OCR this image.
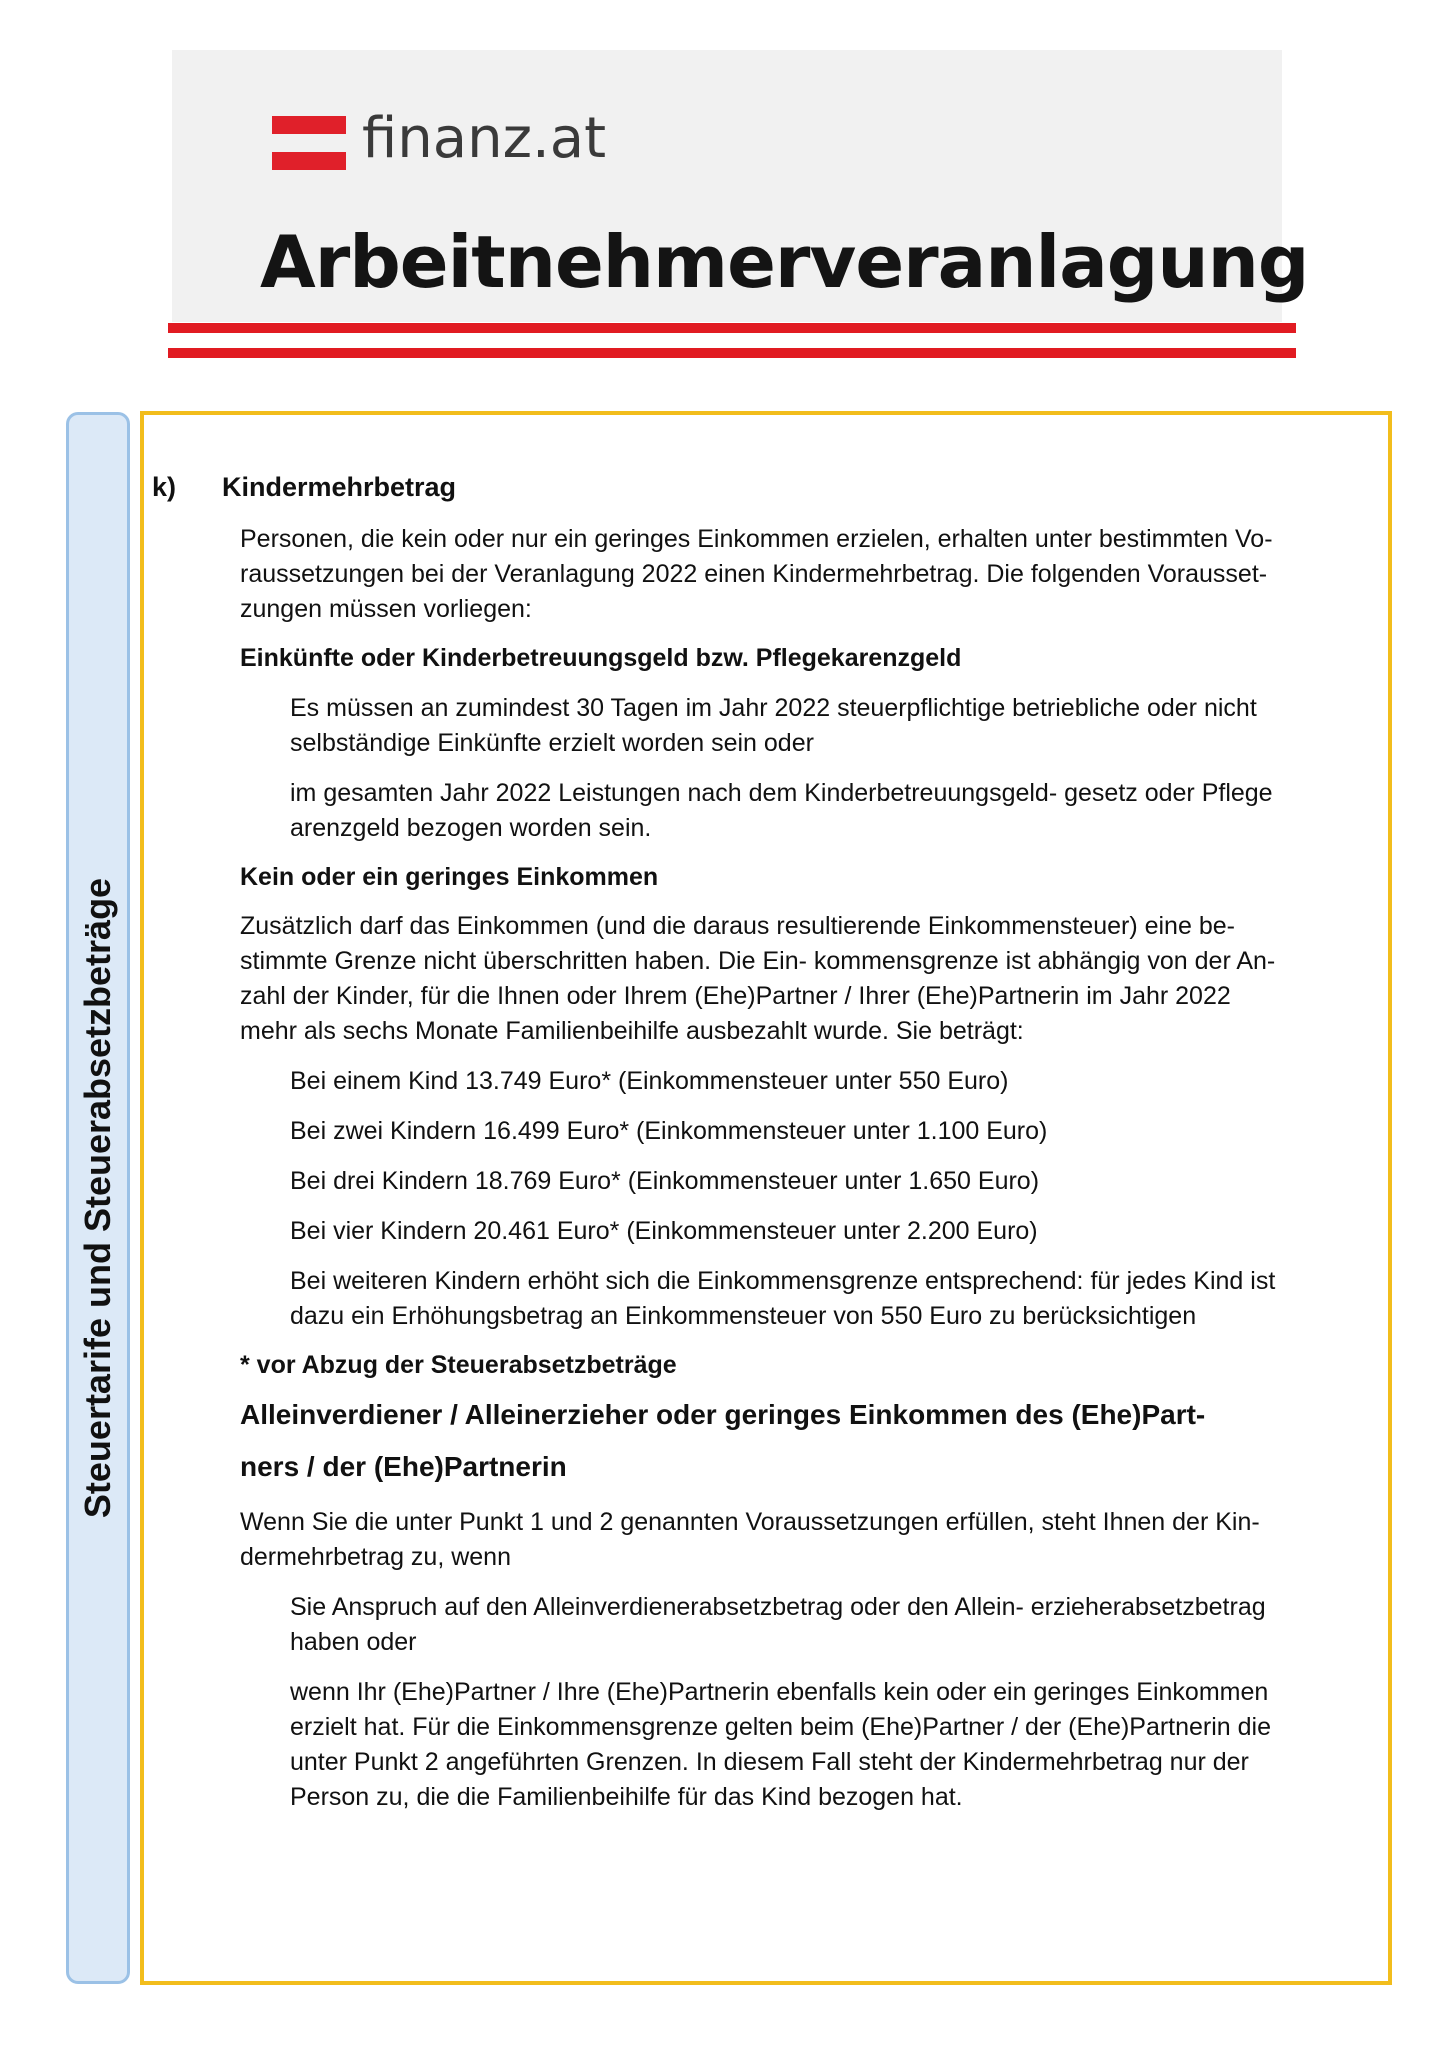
finanz.at
Arbeitnehmerveranlagung
Steuertarife und Steuerabsetzbeträge
k) Kindermehrbetrag
Personen, die kein oder nur ein geringes Einkommen erzielen, erhalten unter bestimmten Vo-
raussetzungen bei der Veranlagung 2022 einen Kindermehrbetrag. Die folgenden Vorausset-
zungen müssen vorliegen:
Einkünfte oder Kinderbetreuungsgeld bzw. Pflegekarenzgeld
Es müssen an zumindest 30 Tagen im Jahr 2022 steuerpflichtige betriebliche oder nicht
selbständige Einkünfte erzielt worden sein oder
im gesamten Jahr 2022 Leistungen nach dem Kinderbetreuungsgeld- gesetz oder Pflege
arenzgeld bezogen worden sein.
Kein oder ein geringes Einkommen
Zusätzlich darf das Einkommen (und die daraus resultierende Einkommensteuer) eine be-
stimmte Grenze nicht überschritten haben. Die Ein- kommensgrenze ist abhängig von der An-
zahl der Kinder, für die Ihnen oder Ihrem (Ehe)Partner / Ihrer (Ehe)Partnerin im Jahr 2022
mehr als sechs Monate Familienbeihilfe ausbezahlt wurde. Sie beträgt:
Bei einem Kind 13.749 Euro* (Einkommensteuer unter 550 Euro)
Bei zwei Kindern 16.499 Euro* (Einkommensteuer unter 1.100 Euro)
Bei drei Kindern 18.769 Euro* (Einkommensteuer unter 1.650 Euro)
Bei vier Kindern 20.461 Euro* (Einkommensteuer unter 2.200 Euro)
Bei weiteren Kindern erhöht sich die Einkommensgrenze entsprechend: für jedes Kind ist
dazu ein Erhöhungsbetrag an Einkommensteuer von 550 Euro zu berücksichtigen
* vor Abzug der Steuerabsetzbeträge
Alleinverdiener / Alleinerzieher oder geringes Einkommen des (Ehe)Part-
ners / der (Ehe)Partnerin
Wenn Sie die unter Punkt 1 und 2 genannten Voraussetzungen erfüllen, steht Ihnen der Kin-
dermehrbetrag zu, wenn
Sie Anspruch auf den Alleinverdienerabsetzbetrag oder den Allein- erzieherabsetzbetrag
haben oder
wenn Ihr (Ehe)Partner / Ihre (Ehe)Partnerin ebenfalls kein oder ein geringes Einkommen
erzielt hat. Für die Einkommensgrenze gelten beim (Ehe)Partner / der (Ehe)Partnerin die
unter Punkt 2 angeführten Grenzen. In diesem Fall steht der Kindermehrbetrag nur der
Person zu, die die Familienbeihilfe für das Kind bezogen hat.
